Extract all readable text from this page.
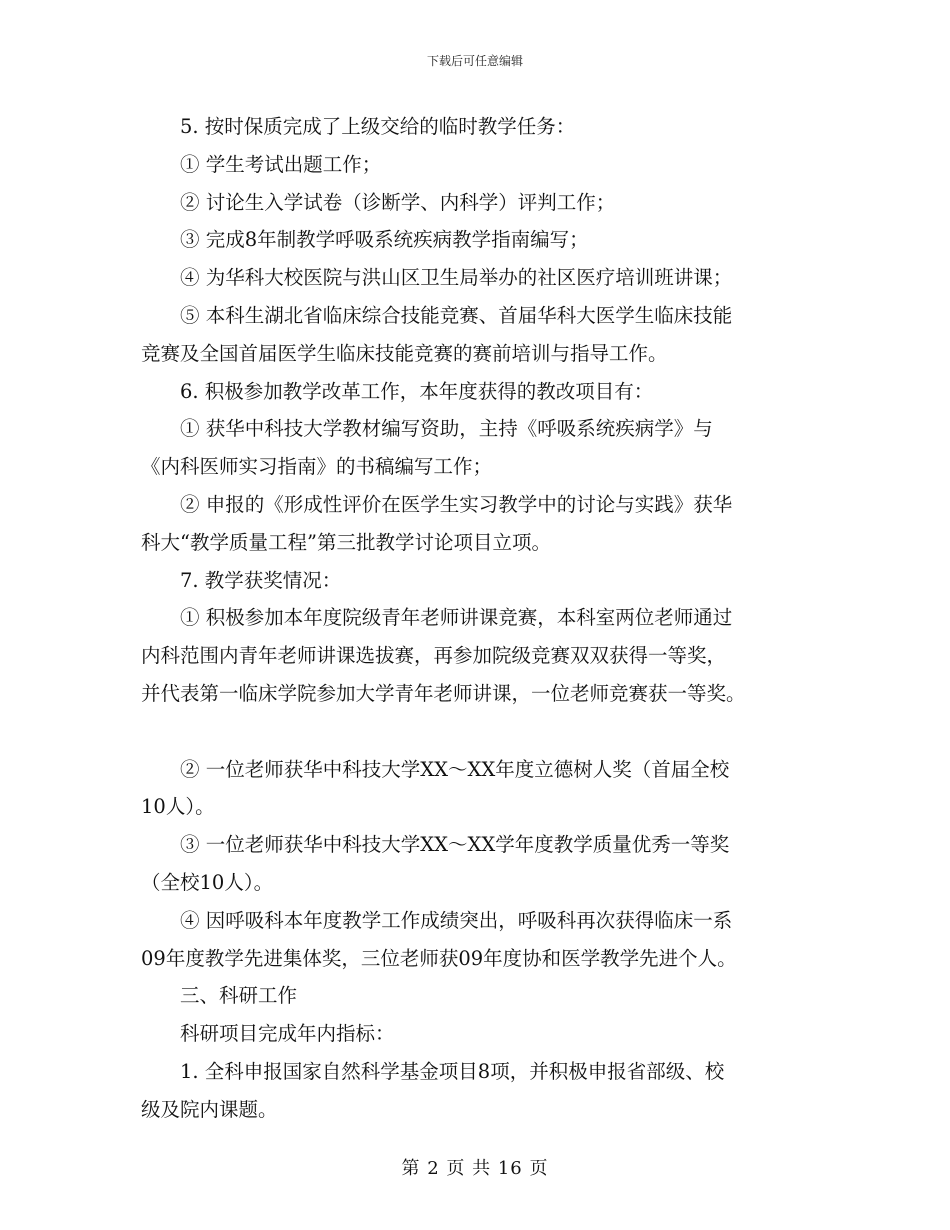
下载后可任意编辑
5. 按时保质完成了上级交给的临时教学任务：
① 学生考试出题工作；
② 讨论生入学试卷（诊断学、内科学）评判工作；
③ 完成8年制教学呼吸系统疾病教学指南编写；
④ 为华科大校医院与洪山区卫生局举办的社区医疗培训班讲课；
⑤ 本科生湖北省临床综合技能竞赛、首届华科大医学生临床技能
竞赛及全国首届医学生临床技能竞赛的赛前培训与指导工作。
6. 积极参加教学改革工作，本年度获得的教改项目有：
① 获华中科技大学教材编写资助，主持《呼吸系统疾病学》与
《内科医师实习指南》的书稿编写工作；
② 申报的《形成性评价在医学生实习教学中的讨论与实践》获华
科大“教学质量工程”第三批教学讨论项目立项。
7. 教学获奖情况：
① 积极参加本年度院级青年老师讲课竞赛，本科室两位老师通过
内科范围内青年老师讲课选拔赛，再参加院级竞赛双双获得一等奖，
并代表第一临床学院参加大学青年老师讲课，一位老师竞赛获一等奖。
② 一位老师获华中科技大学XX～XX年度立德树人奖（首届全校
10人）。
③ 一位老师获华中科技大学XX～XX学年度教学质量优秀一等奖
（全校10人）。
④ 因呼吸科本年度教学工作成绩突出，呼吸科再次获得临床一系
09年度教学先进集体奖，三位老师获09年度协和医学教学先进个人。
三、科研工作
科研项目完成年内指标：
1. 全科申报国家自然科学基金项目8项，并积极申报省部级、校
级及院内课题。
第 2 页 共 16 页
